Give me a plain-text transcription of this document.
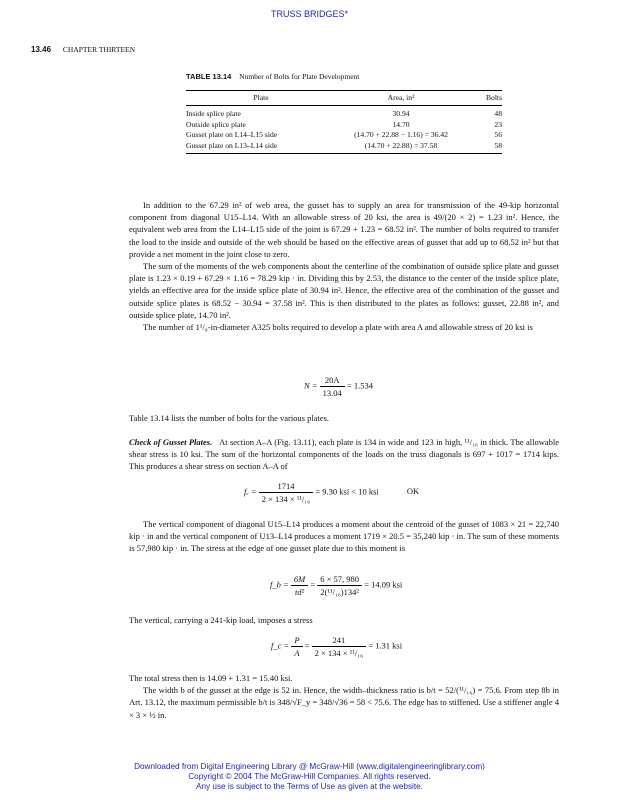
TRUSS BRIDGES*
13.46 CHAPTER THIRTEEN
TABLE 13.14 Number of Bolts for Plate Development
Plate	Area, in²	Bolts
Inside splice plate	30.94	48
Outside splice plate	14.70	23
Gusset plate on L14–L15 side	(14.70 + 22.88 − 1.16) = 36.42	56
Gusset plate on L13–L14 side	(14.70 + 22.88) = 37.58	58

In addition to the 67.29 in² of web area, the gusset has to supply an area for transmission of the 49-kip horizontal component from diagonal U15–L14. With an allowable stress of 20 ksi, the area is 49/(20 × 2) = 1.23 in². Hence, the equivalent web area from the L14–L15 side of the joint is 67.29 + 1.23 = 68.52 in². The number of bolts required to transfer the load to the inside and outside of the web should be based on the effective areas of gusset that add up to 68.52 in² but that provide a net moment in the joint close to zero.

The sum of the moments of the web components about the centerline of the combination of outside splice plate and gusset plate is 1.23 × 0.19 + 67.29 × 1.16 = 78.29 kip · in. Dividing this by 2.53, the distance to the center of the inside splice plate, yields an effective area for the inside splice plate of 30.94 in². Hence, the effective area of the combination of the gusset and outside splice plates is 68.52 − 30.94 = 37.58 in². This is then distributed to the plates as follows: gusset, 22.88 in², and outside splice plate, 14.70 in².

The number of 1¹/₈-in-diameter A325 bolts required to develop a plate with area A and allowable stress of 20 ksi is

$N = \frac{20A}{13.04} = 1.534$

Table 13.14 lists the number of bolts for the various plates.

Check of Gusset Plates. At section A–A (Fig. 13.11), each plate is 134 in wide and 123 in high, ¹¹/₁₆ in thick. The allowable shear stress is 10 ksi. The sum of the horizontal components of the loads on the truss diagonals is 697 + 1017 = 1714 kips. This produces a shear stress on section A–A of

fᵥ = $\frac{1714}{\text{2 × 134 × ¹¹/₁₆}} = 9.30$ ksi < 10 ksi	OK

The vertical component of diagonal U15–L14 produces a moment about the centroid of the gusset of 1083 × 21 = 22,740 kip · in and the vertical component of U13–L14 produces a moment 1719 × 20.5 = 35,240 kip · in. The sum of these moments is 57,980 kip · in. The stress at the edge of one gusset plate due to this moment is

f_b = $\frac{6M}{\text{td²}} = \frac{6 \times 57, 980}{\text{2(¹¹/₁₆)134²}} = 14.09$ ksi

The vertical, carrying a 241-kip load, imposes a stress

f_c = $\frac{P}{A} = \frac{241}{\text{2 × 134 × ¹¹/₁₆}} = 1.31$ ksi

The total stress then is 14.09 + 1.31 = 15.40 ksi.

The width b of the gusset at the edge is 52 in. Hence, the width–thickness ratio is b/t = 52/(¹¹/₁₆) = 75.6. From step 8b in Art. 13.12, the maximum permissible b/t is 348/√F_y = 348/√36 = 58 < 75.6. The edge has to stiffened. Use a stiffener angle 4 × 3 × ½ in.

Downloaded from Digital Engineering Library @ McGraw-Hill (www.digitalengineeringlibrary.com)
Copyright © 2004 The McGraw-Hill Companies. All rights reserved.
Any use is subject to the Terms of Use as given at the website.
